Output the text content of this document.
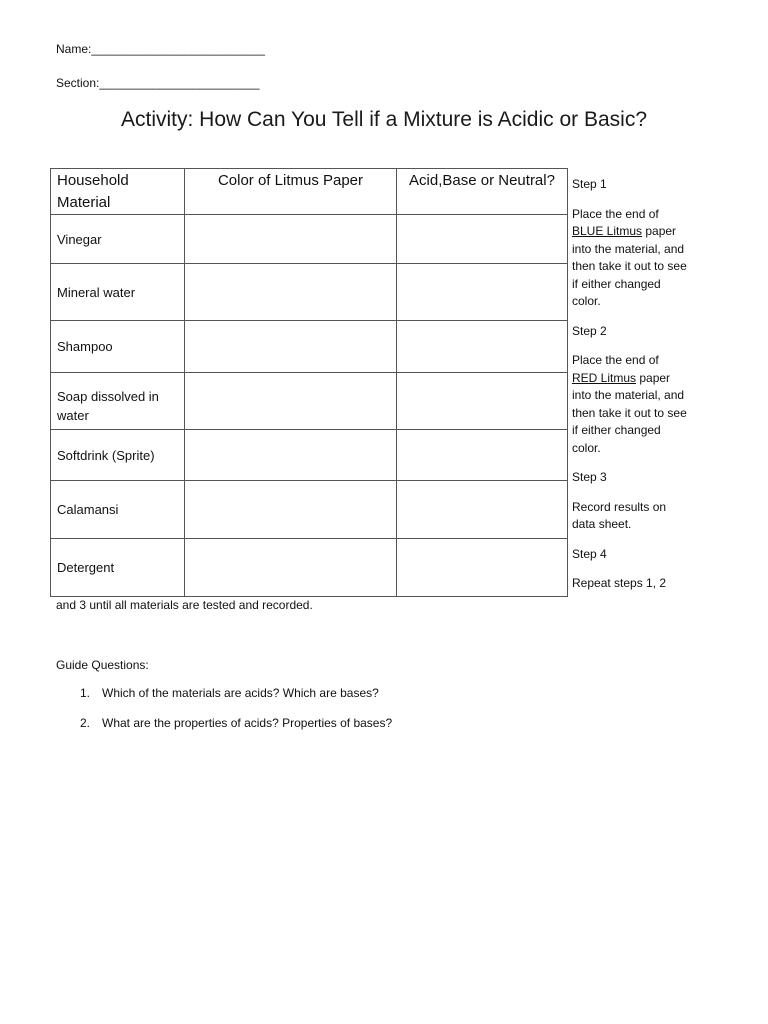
Name:__________________________
Section:________________________
Activity: How Can You Tell if a Mixture is Acidic or Basic?
Household Material	Color of Litmus Paper	Acid,Base or Neutral?
Vinegar		
Mineral water		
Shampoo		
Soap dissolved in water		
Softdrink (Sprite)		
Calamansi		
Detergent		
Step 1
Place the end of
BLUE Litmus paper into the material, and then take it out to see if either changed color.
Step 2
Place the end of
RED Litmus paper into the material, and then take it out to see if either changed color.
Step 3
Record results on data sheet.
Step 4
Repeat steps 1, 2
and 3 until all materials are tested and recorded.
Guide Questions:
1. Which of the materials are acids? Which are bases?
2. What are the properties of acids? Properties of bases?
